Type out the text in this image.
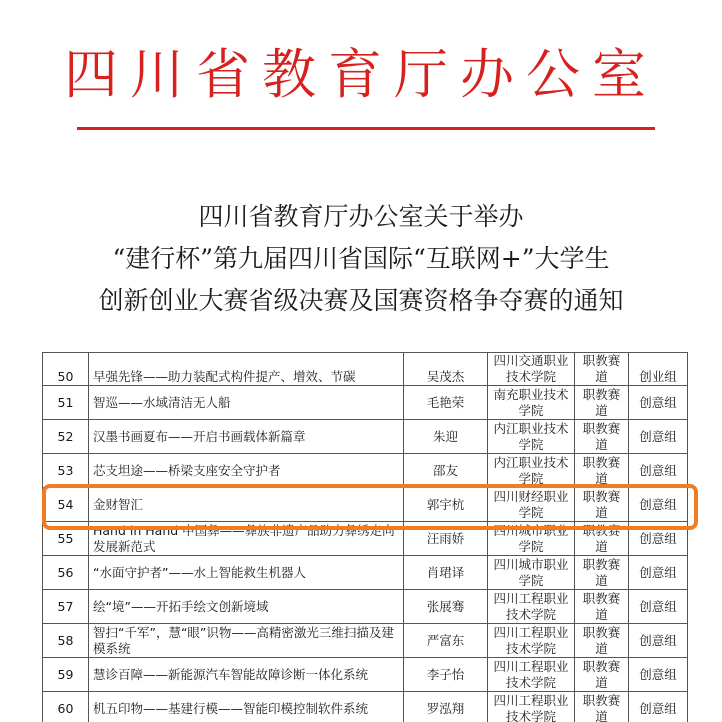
四川省教育厅办公室
四川省教育厅办公室关于举办
“建行杯”第九届四川省国际“互联网+”大学生
创新创业大赛省级决赛及国赛资格争夺赛的通知
50	早强先锋——助力装配式构件提产、增效、节碳	吴茂杰	四川交通职业技术学院	职教赛道	创业组
51	智巡——水域清洁无人船	毛艳荣	南充职业技术学院	职教赛道	创意组
52	汉墨书画夏布——开启书画载体新篇章	朱迎	内江职业技术学院	职教赛道	创意组
53	芯支坦途——桥梁支座安全守护者	邵友	内江职业技术学院	职教赛道	创意组
54	金财智汇	郭宇杭	四川财经职业学院	职教赛道	创意组
55	Hand in Hand 中国彝——彝族非遗产品助力彝绣走向发展新范式	汪雨娇	四川城市职业学院	职教赛道	创意组
56	“水面守护者”——水上智能救生机器人	肖珺译	四川城市职业学院	职教赛道	创意组
57	绘“境”——开拓手绘文创新境域	张展骞	四川工程职业技术学院	职教赛道	创意组
58	智扫“千军”，慧“眼”识物——高精密激光三维扫描及建模系统	严富东	四川工程职业技术学院	职教赛道	创意组
59	慧诊百障——新能源汽车智能故障诊断一体化系统	李子怡	四川工程职业技术学院	职教赛道	创意组
60	机五印物——基建行模——智能印模控制软件系统	罗泓翔	四川工程职业技术学院	职教赛道	创意组
